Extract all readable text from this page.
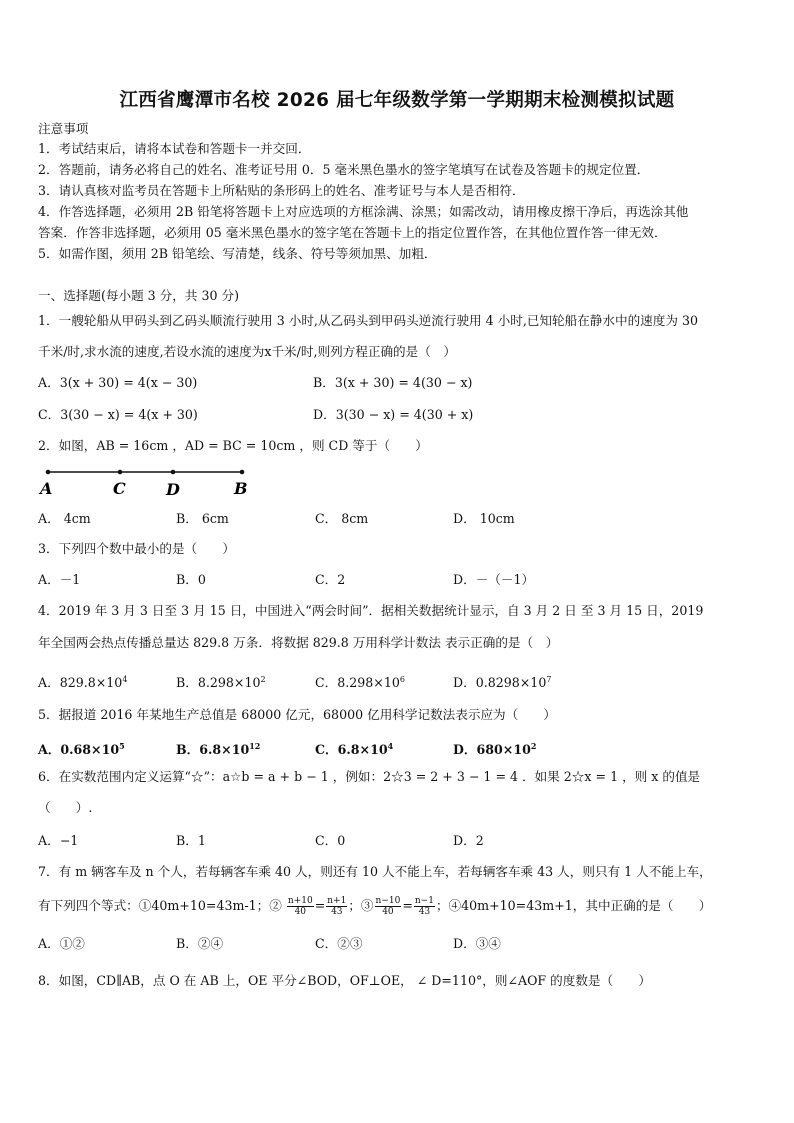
江西省鹰潭市名校 2026 届七年级数学第一学期期末检测模拟试题
注意事项
1．考试结束后，请将本试卷和答题卡一并交回．
2．答题前，请务必将自己的姓名、准考证号用 0．5 毫米黑色墨水的签字笔填写在试卷及答题卡的规定位置．
3．请认真核对监考员在答题卡上所粘贴的条形码上的姓名、准考证号与本人是否相符．
4．作答选择题，必须用 2B 铅笔将答题卡上对应选项的方框涂满、涂黑；如需改动，请用橡皮擦干净后，再选涂其他
答案．作答非选择题，必须用 05 毫米黑色墨水的签字笔在答题卡上的指定位置作答，在其他位置作答一律无效．
5．如需作图，须用 2B 铅笔绘、写清楚，线条、符号等须加黑、加粗．
一、选择题(每小题 3 分，共 30 分)
1．一艘轮船从甲码头到乙码头顺流行驶用 3 小时,从乙码头到甲码头逆流行驶用 4 小时,已知轮船在静水中的速度为 30
千米/时,求水流的速度,若设水流的速度为x千米/时,则列方程正确的是（　）
A．3(x + 30) = 4(x − 30)	B．3(x + 30) = 4(30 − x)
C．3(30 − x) = 4(x + 30)	D．3(30 − x) = 4(30 + x)
2．如图，AB = 16cm ，AD = BC = 10cm ，则 CD 等于（　　）
A	C	D	B
A． 4cm	B． 6cm	C． 8cm	D． 10cm
3．下列四个数中最小的是（　　）
A．－1	B．0	C．2	D．－（－1）
4．2019 年 3 月 3 日至 3 月 15 日，中国进入“两会时间”．据相关数据统计显示，自 3 月 2 日 至 3 月 15 日，2019
年全国两会热点传播总量达 829.8 万条．将数据 829.8 万用科学计数法 表示正确的是（　）
A．$829.8\times 10^4$	B．$8.298\times 10^2$	C．$8.298\times 10^6$	D．$0.8298\times 10^7$
5．据报道 2016 年某地生产总值是 68000 亿元，68000 亿用科学记数法表示应为（　　）
A．$0.68\times 10^5$	B．$6.8\times 10^{12}$	C．$6.8\times 10^4$	D．$680\times 10^2$
6．在实数范围内定义运算“☆”：a☆b = a + b − 1 ，例如：2☆3 = 2 + 3 − 1 = 4 ．如果 2☆x = 1 ，则 x 的值是
（　　）.
A．−1	B．1	C．0	D．2
7．有 m 辆客车及 n 个人，若每辆客车乘 40 人，则还有 10 人不能上车，若每辆客车乘 43 人，则只有 1 人不能上车，
有下列四个等式：①40m+10=43m-1；② $\frac{n+10}{40} = \frac{n+1}{43}$ ；③ $\frac{n-10}{40} = \frac{n-1}{43}$ ；④40m+10=43m+1，其中正确的是（　　）
A．①②	B．②④	C．②③	D．③④
8．如图，CD∥AB，点 O 在 AB 上，OE 平分∠BOD，OF⊥OE， ∠ D=110°，则∠AOF 的度数是（　　）
